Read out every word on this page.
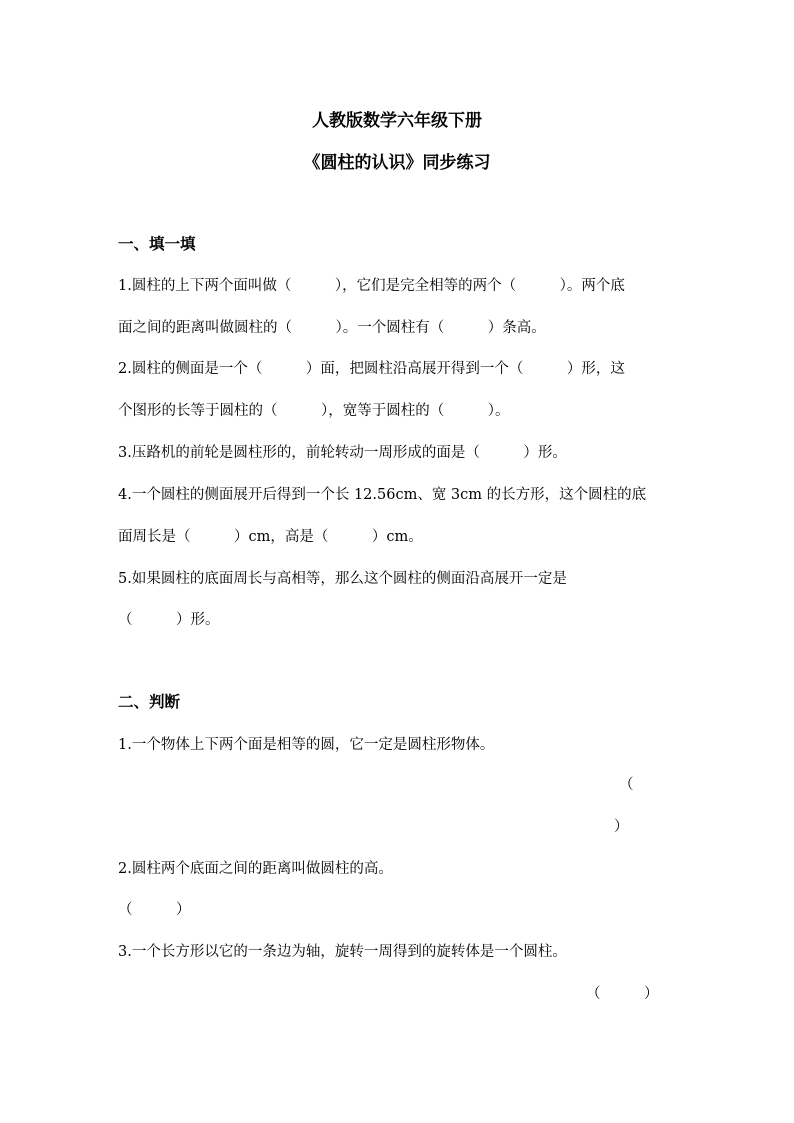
人教版数学六年级下册
《圆柱的认识》同步练习
一、填一填
1.圆柱的上下两个面叫做（　　　），它们是完全相等的两个（　　　）。两个底
面之间的距离叫做圆柱的（　　　）。一个圆柱有（　　　）条高。
2.圆柱的侧面是一个（　　　）面，把圆柱沿高展开得到一个（　　　）形，这
个图形的长等于圆柱的（　　　），宽等于圆柱的（　　　）。
3.压路机的前轮是圆柱形的，前轮转动一周形成的面是（　　　）形。
4.一个圆柱的侧面展开后得到一个长 12.56cm、宽 3cm 的长方形，这个圆柱的底
面周长是（　　　）cm，高是（　　　）cm。
5.如果圆柱的底面周长与高相等，那么这个圆柱的侧面沿高展开一定是
（　　　）形。
二、判断
1.一个物体上下两个面是相等的圆，它一定是圆柱形物体。
（
）
2.圆柱两个底面之间的距离叫做圆柱的高。
（　　　）
3.一个长方形以它的一条边为轴，旋转一周得到的旋转体是一个圆柱。
（　　　）
